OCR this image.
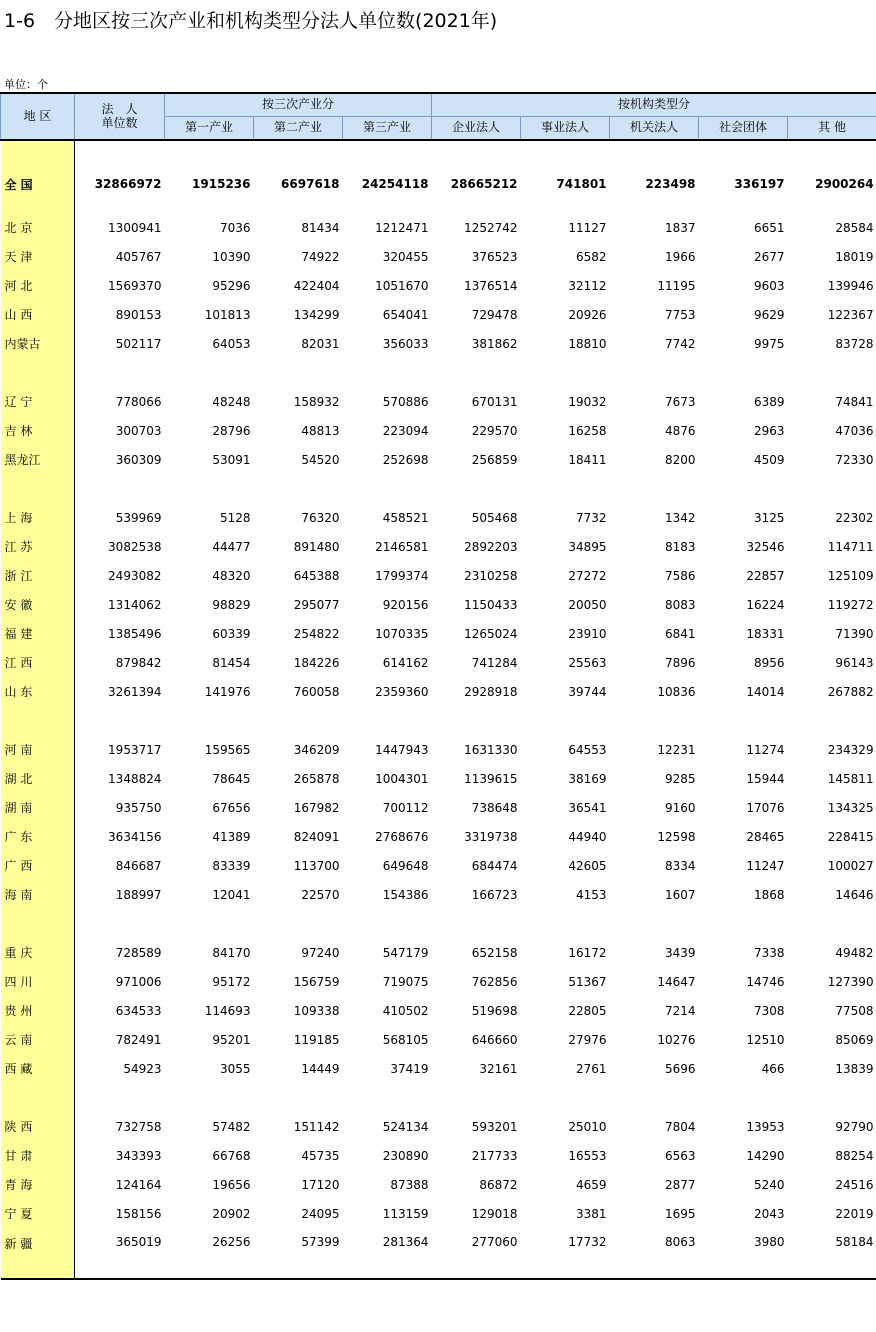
1-6　分地区按三次产业和机构类型分法人单位数(2021年)
单位：个
地 区	法　人
单位数	按三次产业分			按机构类型分				
		第一产业	第二产业	第三产业	企业法人	事业法人	机关法人	社会团体	其 他

全 国	32866972	1915236	6697618	24254118	28665212	741801	223498	336197	2900264
北 京	1300941	7036	81434	1212471	1252742	11127	1837	6651	28584
天 津	405767	10390	74922	320455	376523	6582	1966	2677	18019
河 北	1569370	95296	422404	1051670	1376514	32112	11195	9603	139946
山 西	890153	101813	134299	654041	729478	20926	7753	9629	122367
内蒙古	502117	64053	82031	356033	381862	18810	7742	9975	83728

辽 宁	778066	48248	158932	570886	670131	19032	7673	6389	74841
吉 林	300703	28796	48813	223094	229570	16258	4876	2963	47036
黑龙江	360309	53091	54520	252698	256859	18411	8200	4509	72330

上 海	539969	5128	76320	458521	505468	7732	1342	3125	22302
江 苏	3082538	44477	891480	2146581	2892203	34895	8183	32546	114711
浙 江	2493082	48320	645388	1799374	2310258	27272	7586	22857	125109
安 徽	1314062	98829	295077	920156	1150433	20050	8083	16224	119272
福 建	1385496	60339	254822	1070335	1265024	23910	6841	18331	71390
江 西	879842	81454	184226	614162	741284	25563	7896	8956	96143
山 东	3261394	141976	760058	2359360	2928918	39744	10836	14014	267882

河 南	1953717	159565	346209	1447943	1631330	64553	12231	11274	234329
湖 北	1348824	78645	265878	1004301	1139615	38169	9285	15944	145811
湖 南	935750	67656	167982	700112	738648	36541	9160	17076	134325
广 东	3634156	41389	824091	2768676	3319738	44940	12598	28465	228415
广 西	846687	83339	113700	649648	684474	42605	8334	11247	100027
海 南	188997	12041	22570	154386	166723	4153	1607	1868	14646

重 庆	728589	84170	97240	547179	652158	16172	3439	7338	49482
四 川	971006	95172	156759	719075	762856	51367	14647	14746	127390
贵 州	634533	114693	109338	410502	519698	22805	7214	7308	77508
云 南	782491	95201	119185	568105	646660	27976	10276	12510	85069
西 藏	54923	3055	14449	37419	32161	2761	5696	466	13839

陕 西	732758	57482	151142	524134	593201	25010	7804	13953	92790
甘 肃	343393	66768	45735	230890	217733	16553	6563	14290	88254
青 海	124164	19656	17120	87388	86872	4659	2877	5240	24516
宁 夏	158156	20902	24095	113159	129018	3381	1695	2043	22019
新 疆	365019	26256	57399	281364	277060	17732	8063	3980	58184
